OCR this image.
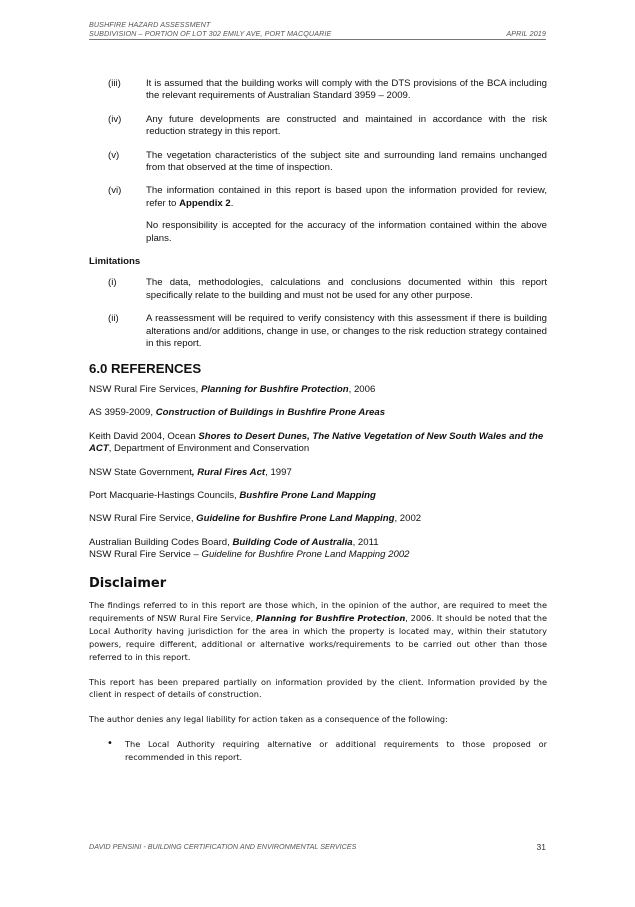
BUSHFIRE HAZARD ASSESSMENT
SUBDIVISION – PORTION OF LOT 302 EMILY AVE, PORT MACQUARIE	APRIL 2019
(iii)	It is assumed that the building works will comply with the DTS provisions of the BCA including the relevant requirements of Australian Standard 3959 – 2009.
(iv)	Any future developments are constructed and maintained in accordance with the risk reduction strategy in this report.
(v)	The vegetation characteristics of the subject site and surrounding land remains unchanged from that observed at the time of inspection.
(vi)	The information contained in this report is based upon the information provided for review, refer to Appendix 2.
No responsibility is accepted for the accuracy of the information contained within the above plans.
Limitations
(i)	The data, methodologies, calculations and conclusions documented within this report specifically relate to the building and must not be used for any other purpose.
(ii)	A reassessment will be required to verify consistency with this assessment if there is building alterations and/or additions, change in use, or changes to the risk reduction strategy contained in this report.
6.0 REFERENCES

NSW Rural Fire Services, Planning for Bushfire Protection, 2006

AS 3959-2009, Construction of Buildings in Bushfire Prone Areas

Keith David 2004, Ocean Shores to Desert Dunes, The Native Vegetation of New South Wales and the ACT, Department of Environment and Conservation

NSW State Government, Rural Fires Act, 1997

Port Macquarie-Hastings Councils, Bushfire Prone Land Mapping

NSW Rural Fire Service, Guideline for Bushfire Prone Land Mapping, 2002

Australian Building Codes Board, Building Code of Australia, 2011
NSW Rural Fire Service – Guideline for Bushfire Prone Land Mapping 2002

Disclaimer

The findings referred to in this report are those which, in the opinion of the author, are required to meet the requirements of NSW Rural Fire Service, Planning for Bushfire Protection, 2006. It should be noted that the Local Authority having jurisdiction for the area in which the property is located may, within their statutory powers, require different, additional or alternative works/requirements to be carried out other than those referred to in this report.

This report has been prepared partially on information provided by the client. Information provided by the client in respect of details of construction.

The author denies any legal liability for action taken as a consequence of the following:

•	The Local Authority requiring alternative or additional requirements to those proposed or recommended in this report.
DAVID PENSINI - BUILDING CERTIFICATION AND ENVIRONMENTAL SERVICES	31
